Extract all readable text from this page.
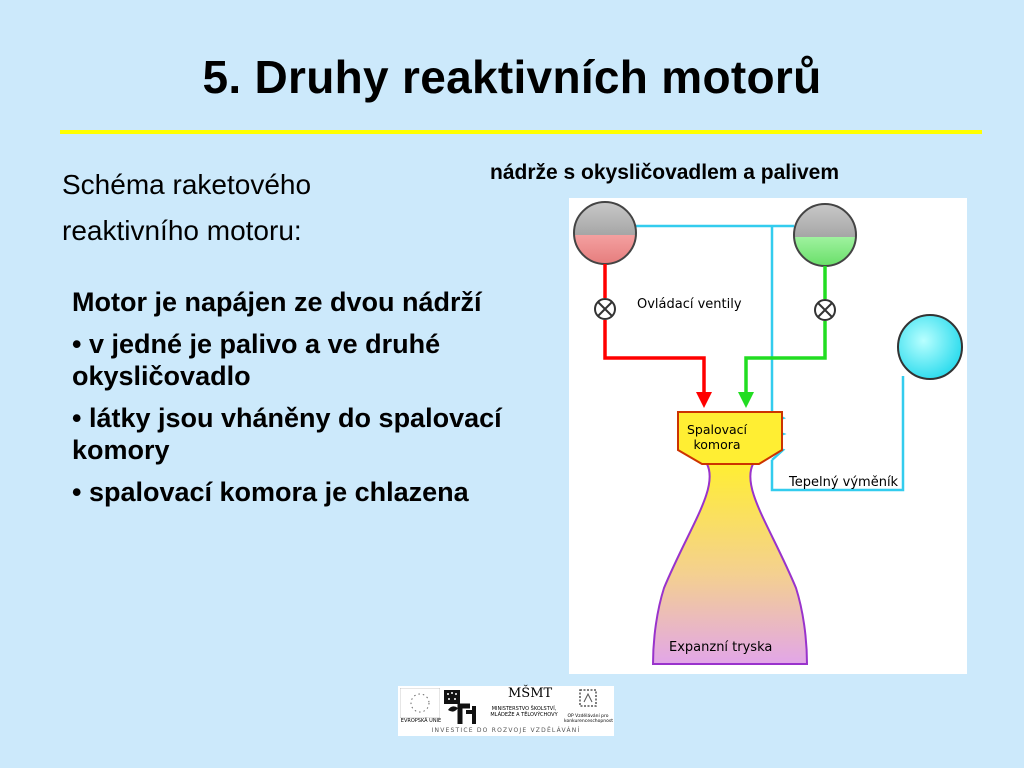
5. Druhy reaktivních motorů
Schéma raketového
reaktivního motoru:
nádrže s okysličovadlem a palivem

Motor je napájen ze dvou nádrží

• v jedné je palivo a ve druhé okysličovadlo

• látky jsou vháněny do spalovací komory

• spalovací komora je chlazena

Ovládací ventily
Spalovací
komora
Tepelný výměník
Expanzní tryska
EVROPSKÁ UNIE
MŠMT
MINISTERSTVO ŠKOLSTVÍ, MLÁDEŽE A TĚLOVÝCHOVY	OP Vzdělávání pro konkurenceschopnost
INVESTICE DO ROZVOJE VZDĚLÁVÁNÍ
